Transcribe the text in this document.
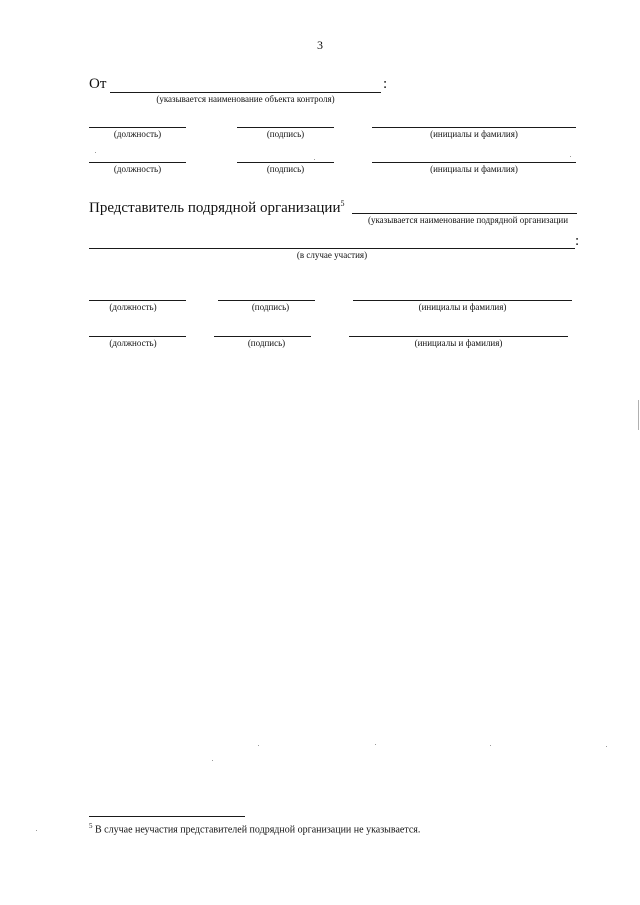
3
От	:
(указывается наименование объекта контроля)
(должность)	(подпись)	(инициалы и фамилия)
(должность)	(подпись)	(инициалы и фамилия)
Представитель подрядной организации$^5$
(указывается наименование подрядной организации
:
(в случае участия)
(должность)	(подпись)	(инициалы и фамилия)
(должность)	(подпись)	(инициалы и фамилия)
$^5$ В случае неучастия представителей подрядной организации не указывается.
